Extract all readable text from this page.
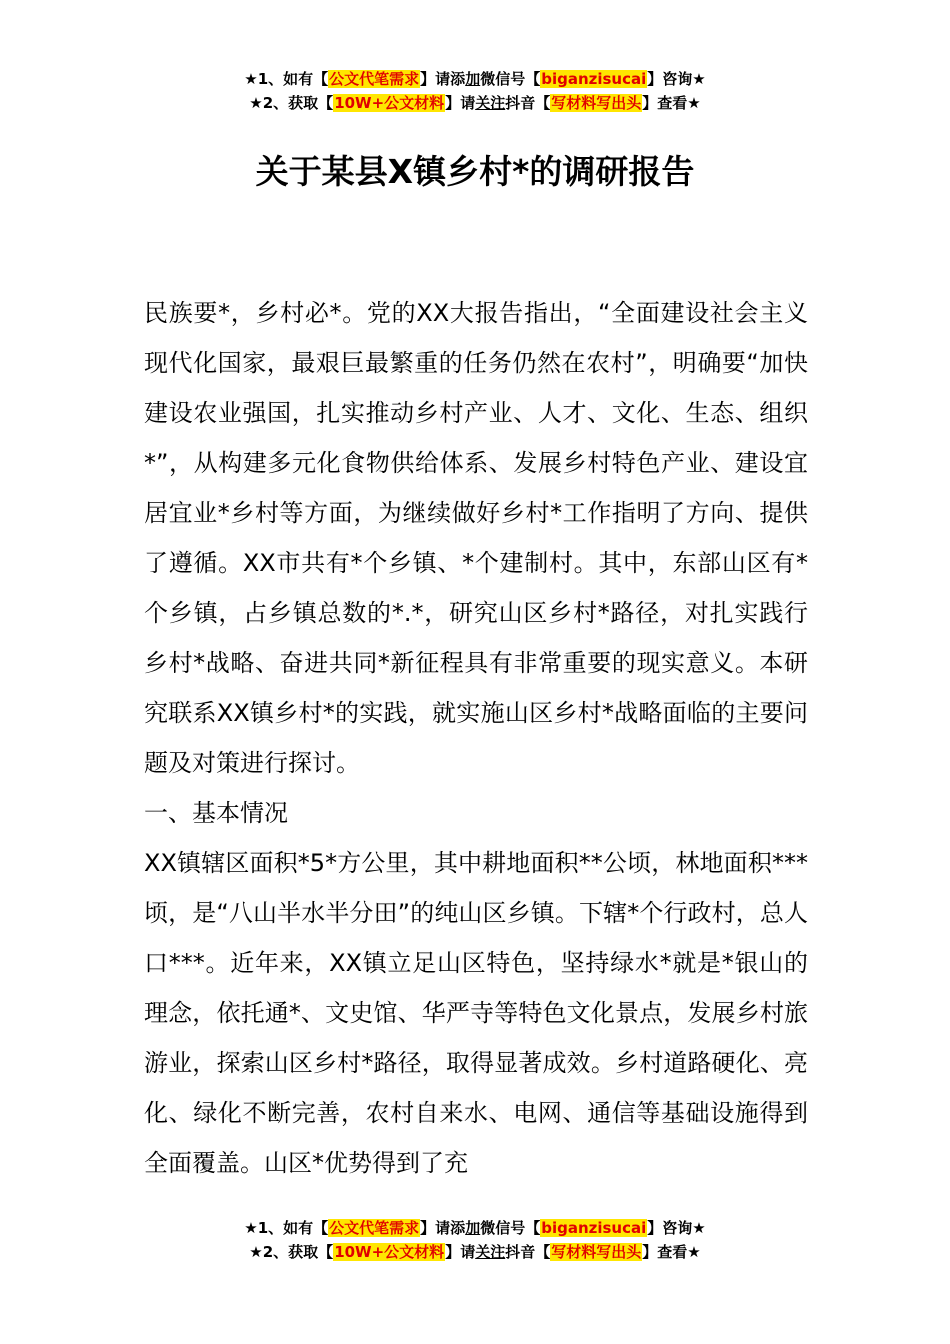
★1、如有【公文代笔需求】请添加微信号【biganzisucai】咨询★
★2、获取【10W+公文材料】请关注抖音【写材料写出头】查看★
关于某县X镇乡村*的调研报告

民族要*，乡村必*。党的XX大报告指出，“全面建设社会主义现代化国家，最艰巨最繁重的任务仍然在农村”，明确要“加快建设农业强国，扎实推动乡村产业、人才、文化、生态、组织*”，从构建多元化食物供给体系、发展乡村特色产业、建设宜居宜业*乡村等方面，为继续做好乡村*工作指明了方向、提供了遵循。XX市共有*个乡镇、*个建制村。其中，东部山区有*个乡镇，占乡镇总数的*.*，研究山区乡村*路径，对扎实践行乡村*战略、奋进共同*新征程具有非常重要的现实意义。本研究联系XX镇乡村*的实践，就实施山区乡村*战略面临的主要问题及对策进行探讨。

一、基本情况

XX镇辖区面积*5*方公里，其中耕地面积**公顷，林地面积***顷，是“八山半水半分田”的纯山区乡镇。下辖*个行政村，总人口***。近年来，XX镇立足山区特色，坚持绿水*就是*银山的理念，依托通*、文史馆、华严寺等特色文化景点，发展乡村旅游业，探索山区乡村*路径，取得显著成效。乡村道路硬化、亮化、绿化不断完善，农村自来水、电网、通信等基础设施得到全面覆盖。山区*优势得到了充

★1、如有【公文代笔需求】请添加微信号【biganzisucai】咨询★
★2、获取【10W+公文材料】请关注抖音【写材料写出头】查看★
